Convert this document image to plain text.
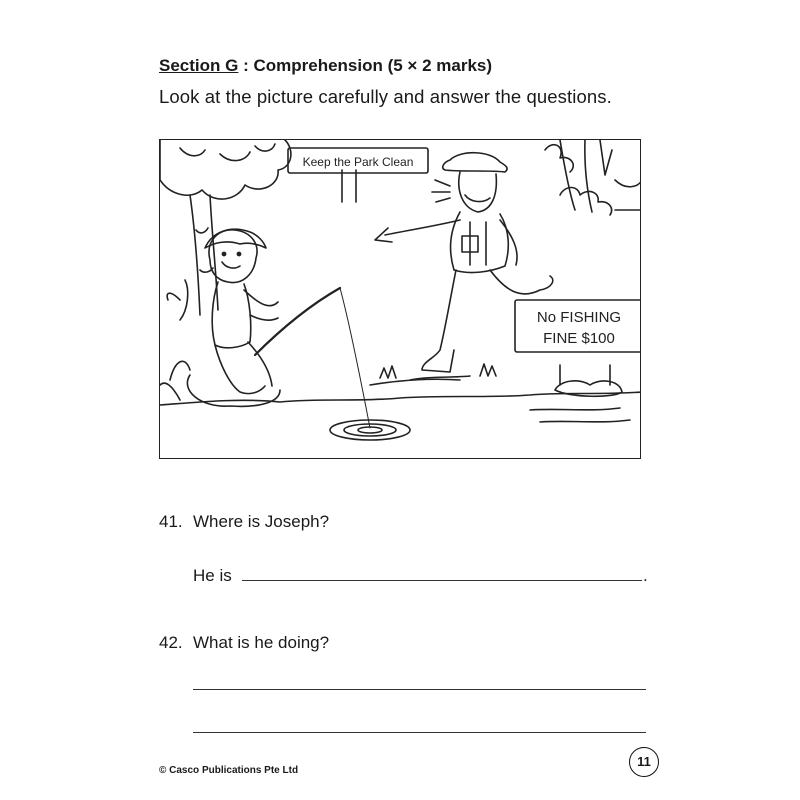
Section G : Comprehension (5 × 2 marks)
Look at the picture carefully and answer the questions.
Keep the Park Clean
No FISHING
FINE $100
41. Where is Joseph?
He is	.
42. What is he doing?
© Casco Publications Pte Ltd
11
